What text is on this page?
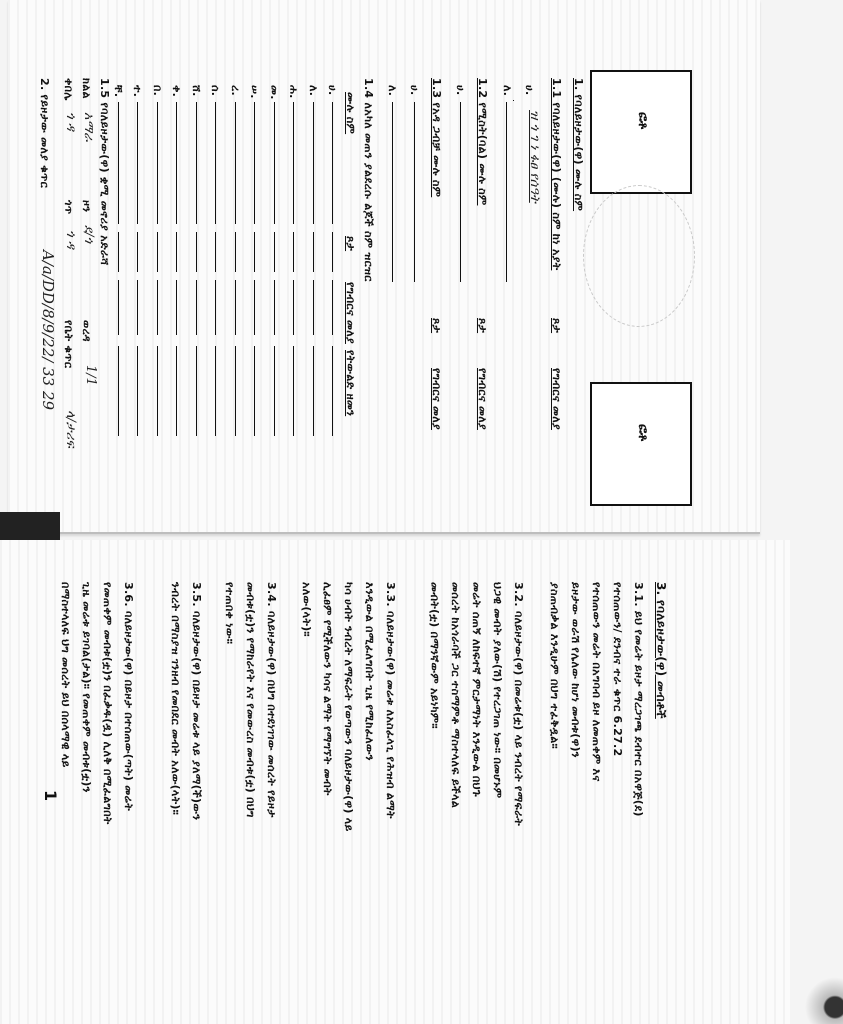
ፎቶ
ፎቶ
1. የባለይዞታው(ዋ) ሙሉ ስም
1.1 የባለይዞታው(ዋ) (ሙሉ) ስም ከነ አያት
ጾታ
የግብርና መለያ
ሀ.
ዝ ጎ ገ ነ ፋፀ የሰዓት
ለ.
1.2 የሚስት(ባል) ሙሉ ስም
ጾታ
የግብርና መለያ
ሀ.
1.3 የአዳ ጋብቻ ሙሉ ስም
ጾታ
የግብርና መለያ
ሀ.
ለ.
1.4 ለአካለ መጠን ያልደረሱ ልጆች ስም ዝርዝር
ሙሉ ስም
ጾታ
የግብርና መለያ
የትውልድ ዘመን
ሀ.
ለ.
ሐ.
መ.
ሠ.
ረ.
ሰ.
ሸ.
ቀ.
በ.
ተ.
ቸ.
1.5 የባለይዞታው(ዋ) ቋሚ መኖሪያ አድራሻ
ክልል
አማራ
ዞን
ደ/ጎ
ወረዳ
1/1
ቀበሌ
ጎ ዳ
ጎጥ
ጎ ዳ
የቤት ቁጥር
ላ/ታሪፍ
2. የይዞታው መለያ ቁጥር
A/a/DD/8/9/22/ 33 29
3. የባለይዞታው(ዋ) መብቶች
3.1. ይህ የመሬት ይዞታ ማረጋገጫ ደብተር በአዋጅ(ደ)
የተሰጠውን/ ደንብና ተራ ቁጥር 6.27.2
የተሰጠውን መሬት በአግባብ ይዞ ለመጠቀም እና
ይዞታው ወራሽ የሌለው ከሆነ መብቱ(ዋ)ን
ያስጠብቃል እንዲሁም በህግ ተፈቅዷል።
3.2. ባለይዞታው(ዋ) በመሬቱ(ቷ) ላይ ንብረት የማፍራት
ህጋዊ መብት ያለው(ሽ) የተረጋገጠ ነው። በመሆኑም
መሬት ሰጠኝ ለከፍተኛ ምርታማነት እንዲውል በህጉ
መሰረት ከአጎራባች ጋር ተስማምቶ ማስተላለፍ ይችላል
መብት(ቷ) በማንኛውም አይነካም።
3.3. ባለይዞታው(ዋ) መሬቱ ለአስፈላጊ የሕዝብ ልማት
እንዲውል በሚፈለግበት ጊዜ የሚከፈለውን
ካሳ ሀብት ንብረት ለማፍራት የወጣውን ባለይዞታው(ዋ) ላይ
ሊፈፀም የሚችለውን ካሳና ልማት የማግኘት መብት
አለው(ላት)።
3.4. ባለይዞታው(ዋ) በህግ በተደነገገው መሰረት የይዞታ
መብቱ(ቷ)ን የማከራየት እና የመውረስ መብቱ(ቷ) በህግ
የተጠበቀ ነው።
3.5. ባለይዞታው(ዋ) በይዞታ መሬቱ ላይ ያለማ(ች)ውን
ንብረት በማስያዝ ገንዘብ የመበደር መብት አለው(ላት)።
3.6. ባለይዞታው(ዋ) በይዞታ በተሰጠው(ጣት) መሬት
የመጠቀም መብቱ(ቷ)ን በፈቃዱ(ዷ) ሊለቅ በሚፈልግበት
ጊዜ መሬቱ ይገባል(ታል)። የመጠቀም መብቱ(ቷ)ን
በማስተላለፍ ህግ መሰረት ይህ በሰላማዊ ላይ
1
